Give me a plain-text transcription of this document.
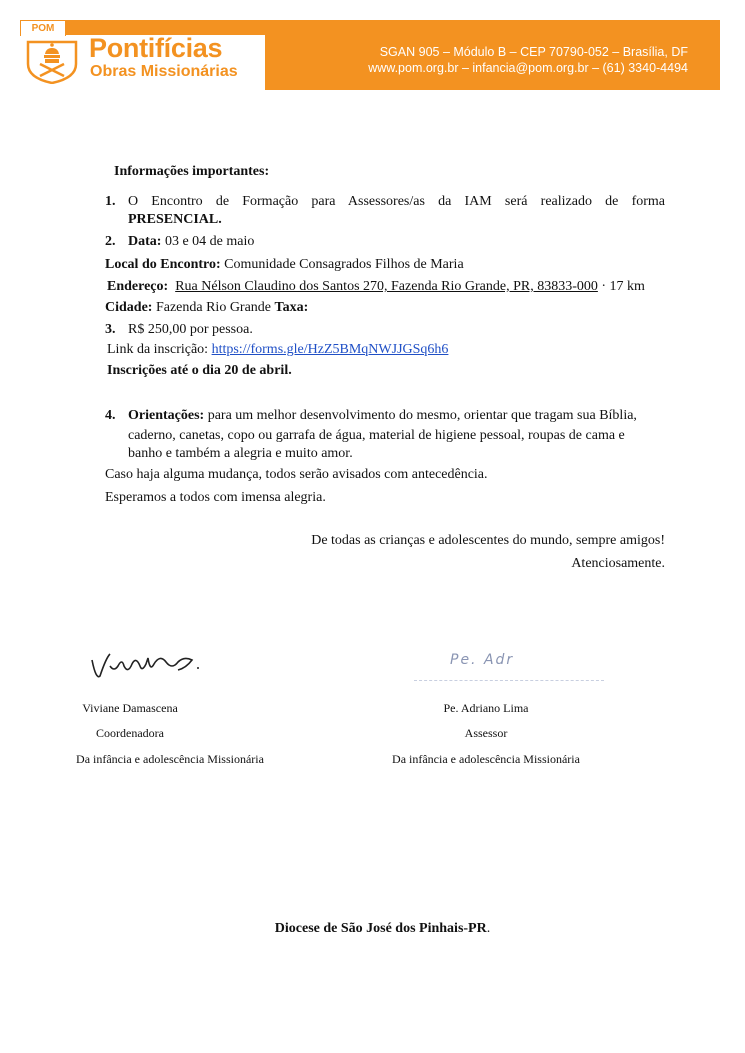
POM
Pontifícias
Obras Missionárias
SGAN 905 – Módulo B – CEP 70790-052 – Brasília, DF
www.pom.org.br – infancia@pom.org.br – (61) 3340-4494
Informações importantes:
1. O Encontro de Formação para Assessores/as da IAM será realizado de forma
PRESENCIAL.
2. Data: 03 e 04 de maio
Local do Encontro: Comunidade Consagrados Filhos de Maria
Endereço: Rua Nélson Claudino dos Santos 270, Fazenda Rio Grande, PR, 83833-000 · 17 km
Cidade: Fazenda Rio Grande Taxa:
3. R$ 250,00 por pessoa.
Link da inscrição: https://forms.gle/HzZ5BMqNWJJGSq6h6
Inscrições até o dia 20 de abril.
4. Orientações: para um melhor desenvolvimento do mesmo, orientar que tragam sua Bíblia,
caderno, canetas, copo ou garrafa de água, material de higiene pessoal, roupas de cama e
banho e também a alegria e muito amor.
Caso haja alguma mudança, todos serão avisados com antecedência.
Esperamos a todos com imensa alegria.
De todas as crianças e adolescentes do mundo, sempre amigos!
Atenciosamente.
Viviane Damascena
Coordenadora
Da infância e adolescência Missionária
Pe. Adr
Pe. Adriano Lima
Assessor
Da infância e adolescência Missionária
Diocese de São José dos Pinhais-PR.
